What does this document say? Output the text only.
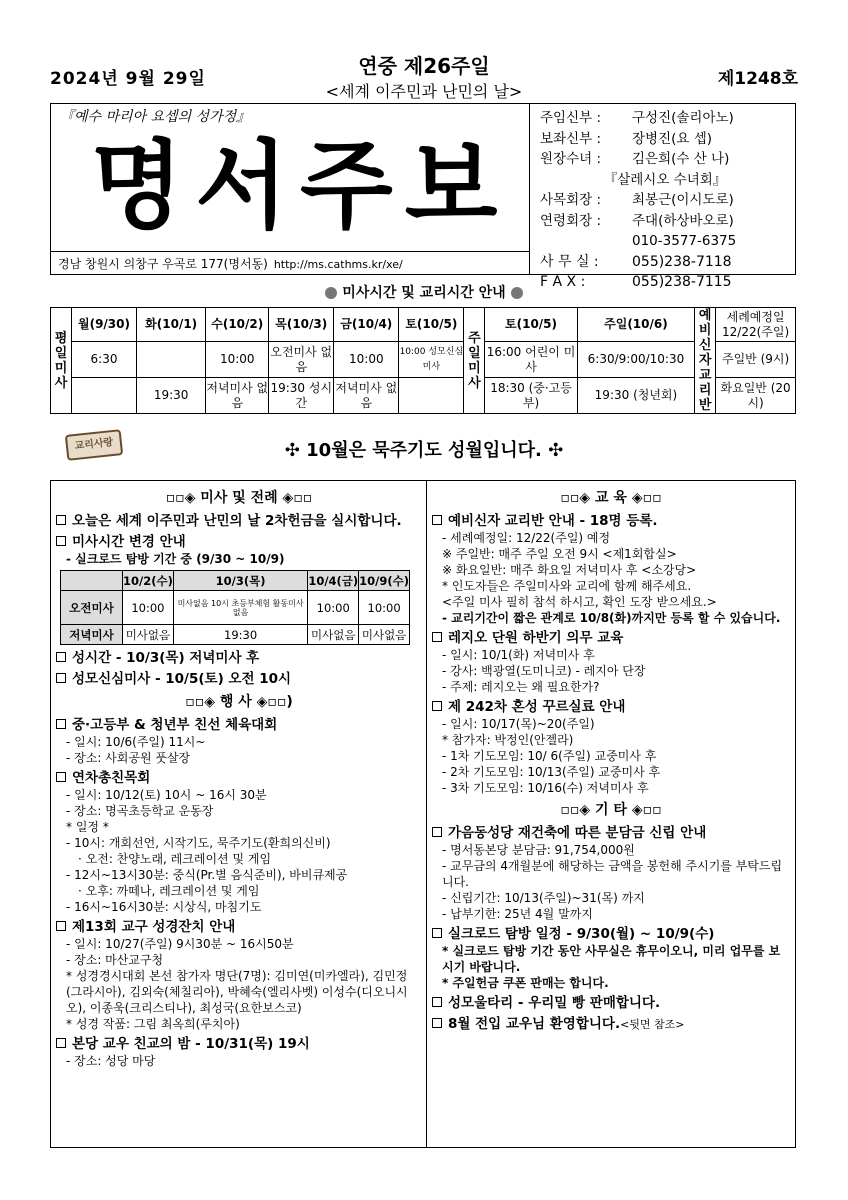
2024년 9월 29일
연중 제26주일
<세계 이주민과 난민의 날>
제1248호
『예수 마리아 요셉의 성가정』
명서주보
경남 창원시 의창구 우곡로 177(명서동) http://ms.cathms.kr/xe/
주임신부 :	구성진(솔리아노)
보좌신부 :	장병진(요 셉)
원장수녀 :	김은희(수 산 나)
『살레시오 수녀회』
사목회장 :	최봉근(이시도로)
연령회장 :	주대(하상바오로)
010-3577-6375
사 무 실 :	055)238-7118
F A X :	055)238-7115
미사시간 및 교리시간 안내
평일미사	월(9/30)	화(10/1)	수(10/2)	목(10/3)	금(10/4)	토(10/5)	주일미사	토(10/5)	주일(10/6)	예비신자교리반	세례예정일 12/22(주일)
	6:30		10:00	오전미사 없음	10:00	10:00 성모신심미사		16:00 어린이 미사	6:30/9:00/10:30		주일반 (9시)
		19:30	저녁미사 없음	19:30 성시간	저녁미사 없음			18:30 (중·고등부)	19:30 (청년회)		화요일반 (20시)
교리사랑	✣ 10월은 묵주기도 성월입니다. ✣
▫▫◈ 미사 및 전례 ◈▫▫
오늘은 세계 이주민과 난민의 날 2차헌금을 실시합니다.
미사시간 변경 안내
- 실크로드 탐방 기간 중 (9/30 ~ 10/9)
	10/2(수)	10/3(목)	10/4(금)	10/9(수)
오전미사	10:00	미사없음 10시 초등부체험 활동미사 없음	10:00	10:00
저녁미사	미사없음	19:30	미사없음	미사없음
성시간 - 10/3(목) 저녁미사 후
성모신심미사 - 10/5(토) 오전 10시
▫▫◈ 행 사 ◈▫▫)
중·고등부 & 청년부 친선 체육대회
- 일시: 10/6(주일) 11시~
- 장소: 사회공원 풋살장
연차총친목회
- 일시: 10/12(토) 10시 ~ 16시 30분
- 장소: 명곡초등학교 운동장
* 일정 *
- 10시: 개회선언, 시작기도, 묵주기도(환희의신비)
· 오전: 찬양노래, 레크레이션 및 게임
- 12시~13시30분: 중식(Pr.별 음식준비), 바비큐제공
· 오후: 까떼나, 레크레이션 및 게임
- 16시~16시30분: 시상식, 마침기도
제13회 교구 성경잔치 안내
- 일시: 10/27(주일) 9시30분 ~ 16시50분
- 장소: 마산교구청
* 성경경시대회 본선 참가자 명단(7명): 김미연(미카엘라), 김민정(그라시아), 김외숙(체칠리아), 박혜숙(엘리사벳) 이성수(디오니시오), 이종욱(크리스티나), 최성국(요한보스코)
* 성경 작품: 그림 최옥희(루치아)
본당 교우 친교의 밤 - 10/31(목) 19시
- 장소: 성당 마당
▫▫◈ 교 육 ◈▫▫
예비신자 교리반 안내 - 18명 등록.
- 세례예정일: 12/22(주일) 예정
※ 주일반: 매주 주일 오전 9시 <제1회합실>
※ 화요일반: 매주 화요일 저녁미사 후 <소강당>
* 인도자들은 주일미사와 교리에 함께 해주세요.
<주일 미사 필히 참석 하시고, 확인 도장 받으세요.>
- 교리기간이 짧은 관계로 10/8(화)까지만 등록 할 수 있습니다.
레지오 단원 하반기 의무 교육
- 일시: 10/1(화) 저녁미사 후
- 강사: 백광열(도미니코) - 레지아 단장
- 주제: 레지오는 왜 필요한가?
제 242차 혼성 꾸르실료 안내
- 일시: 10/17(목)~20(주일)
* 참가자: 박정인(안젤라)
- 1차 기도모임: 10/ 6(주일) 교중미사 후
- 2차 기도모임: 10/13(주일) 교중미사 후
- 3차 기도모임: 10/16(수) 저녁미사 후
▫▫◈ 기 타 ◈▫▫
가음동성당 재건축에 따른 분담금 신립 안내
- 명서동본당 분담금: 91,754,000원
- 교무금의 4개월분에 해당하는 금액을 봉헌해 주시기를 부탁드립니다.
- 신립기간: 10/13(주일)~31(목) 까지
- 납부기한: 25년 4월 말까지
실크로드 탐방 일정 - 9/30(월) ~ 10/9(수)
* 실크로드 탐방 기간 동안 사무실은 휴무이오니, 미리 업무를 보시기 바랍니다.
* 주일헌금 쿠폰 판매는 합니다.
성모울타리 - 우리밀 빵 판매합니다.
8월 전입 교우님 환영합니다.<뒷면 참조>
